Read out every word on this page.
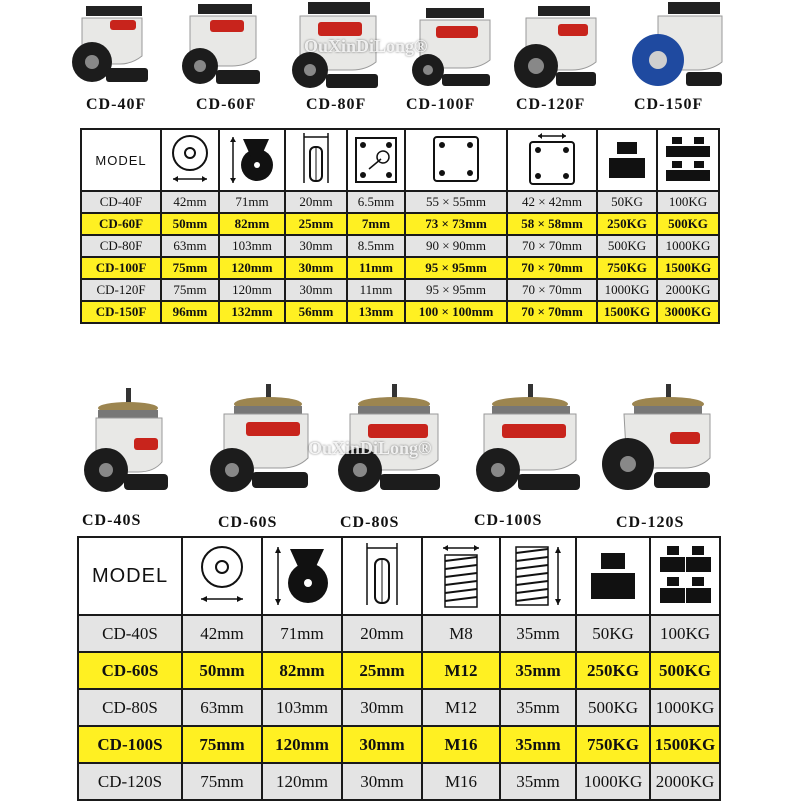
OuXinDiLong®
CD-40F	CD-60F	CD-80F CD-100F	CD-120F	CD-150F
MODEL	

CD-40F	42mm	71mm	20mm	6.5mm	55 × 55mm	42 × 42mm	50KG	100KG
CD-60F	50mm	82mm	25mm	7mm	73 × 73mm	58 × 58mm	250KG	500KG
CD-80F	63mm	103mm	30mm	8.5mm	90 × 90mm	70 × 70mm	500KG	1000KG
CD-100F	75mm	120mm	30mm	11mm	95 × 95mm	70 × 70mm	750KG	1500KG
CD-120F	75mm	120mm	30mm	11mm	95 × 95mm	70 × 70mm	1000KG	2000KG
CD-150F	96mm	132mm	56mm	13mm	100 × 100mm	70 × 70mm	1500KG	3000KG
OuXinDiLong®
CD-40S	CD-60S	CD-80S	CD-100S	CD-120S
MODEL	

CD-40S	42mm	71mm	20mm	M8	35mm	50KG	100KG
CD-60S	50mm	82mm	25mm	M12	35mm	250KG	500KG
CD-80S	63mm	103mm	30mm	M12	35mm	500KG	1000KG
CD-100S	75mm	120mm	30mm	M16	35mm	750KG	1500KG
CD-120S	75mm	120mm	30mm	M16	35mm	1000KG	2000KG
